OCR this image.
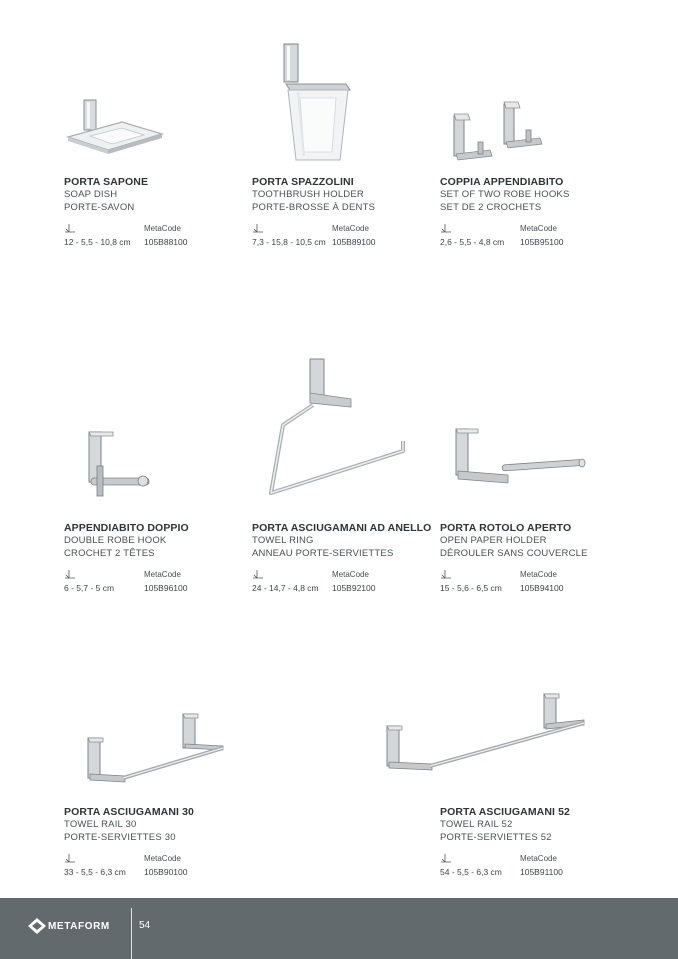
PORTA SAPONE
SOAP DISH
PORTE-SAVON
MetaCode
12 - 5,5 - 10,8 cm 105B88100
PORTA SPAZZOLINI
TOOTHBRUSH HOLDER
PORTE-BROSSE À DENTS
MetaCode
7,3 - 15,8 - 10,5 cm 105B89100
COPPIA APPENDIABITO
SET OF TWO ROBE HOOKS
SET DE 2 CROCHETS
MetaCode
2,6 - 5,5 - 4,8 cm 105B95100
APPENDIABITO DOPPIO
DOUBLE ROBE HOOK
CROCHET 2 TÊTES
MetaCode
6 - 5,7 - 5 cm	105B96100
PORTA ASCIUGAMANI AD ANELLO
TOWEL RING
ANNEAU PORTE-SERVIETTES
MetaCode
24 - 14,7 - 4,8 cm 105B92100
PORTA ROTOLO APERTO
OPEN PAPER HOLDER
DÉROULER SANS COUVERCLE
MetaCode
15 - 5,6 - 6,5 cm 105B94100
PORTA ASCIUGAMANI 30
TOWEL RAIL 30
PORTE-SERVIETTES 30
MetaCode
33 - 5,5 - 6,3 cm 105B90100
PORTA ASCIUGAMANI 52
TOWEL RAIL 52
PORTE-SERVIETTES 52
MetaCode
54 - 5,5 - 6,3 cm 105B91100
METAFORM	54
